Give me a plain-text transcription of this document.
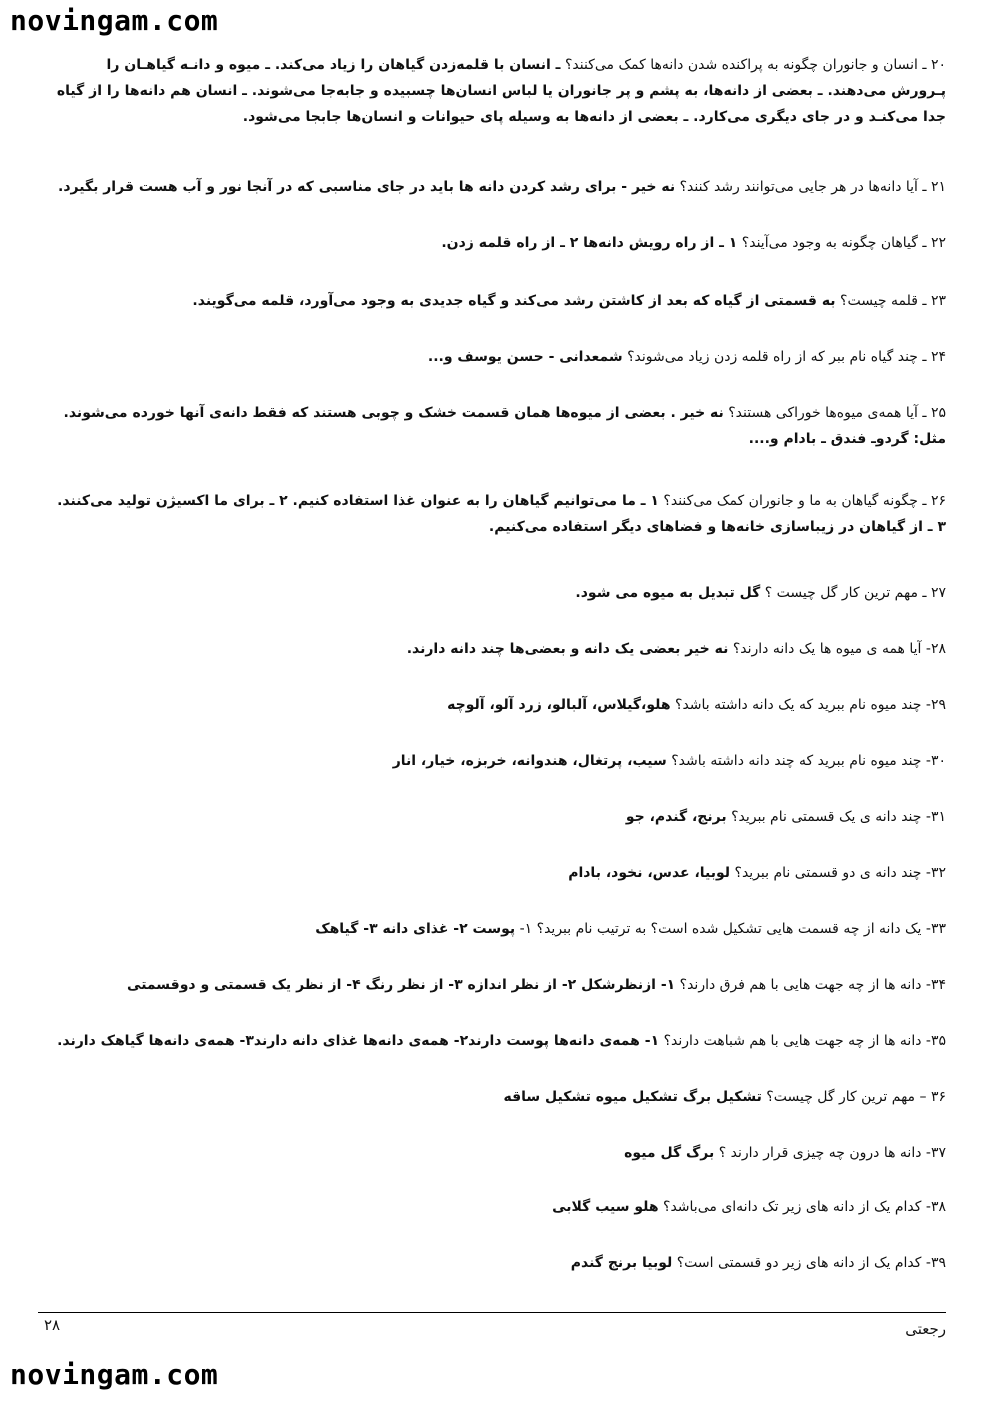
novingam.com

۲۰ ـ انسان و جانوران چگونه به پراکنده شدن دانه‌ها کمک می‌کنند؟ ـ انسان با قلمه‌زدن گیاهان را زیاد می‌کند. ـ میوه و دانـه گیاهـان را پـرورش می‌دهند. ـ بعضی از دانه‌ها، به پشم و پر جانوران یا لباس انسان‌ها چسبیده و جابه‌جا می‌شوند. ـ انسان هم دانه‌ها را از گیاه جدا می‌کنـد و در جای دیگری می‌کارد. ـ بعضی از دانه‌ها به وسیله پای حیوانات و انسان‌ها جابجا می‌شود.

۲۱ ـ آیا دانه‌ها در هر جایی می‌توانند رشد کنند؟ نه خیر - برای رشد کردن دانه ها باید در جای مناسبی که در آنجا نور و آب هست قرار بگیرد.

۲۲ ـ گیاهان چگونه به وجود می‌آیند؟ ۱ ـ از راه رویش دانه‌ها ۲ ـ از راه قلمه زدن.

۲۳ ـ قلمه چیست؟ به قسمتی از گیاه که بعد از کاشتن رشد می‌کند و گیاه جدیدی به وجود می‌آورد، قلمه می‌گویند.

۲۴ ـ چند گیاه نام ببر که از راه قلمه زدن زیاد می‌شوند؟ شمعدانی - حسن یوسف و...

۲۵ ـ آیا همه‌ی میوه‌ها خوراکی هستند؟ نه خیر . بعضی از میوه‌ها همان قسمت خشک و چوبی هستند که فقط دانه‌ی آنها خورده می‌شوند. مثل: گردو‌ـ فندق ـ بادام و....

۲۶ ـ چگونه گیاهان به ما و جانوران کمک می‌کنند؟ ۱ ـ ما می‌توانیم گیاهان را به عنوان غذا استفاده کنیم. ۲ ـ برای ما اکسیژن تولید می‌کنند. ۳ ـ از گیاهان در زیباسازی خانه‌ها و فضاهای دیگر استفاده می‌کنیم.

۲۷ ـ مهم ترین کار گل چیست ؟ گل تبدیل به میوه می شود.

۲۸- آیا همه ی میوه ها یک دانه دارند؟ نه خیر بعضی یک دانه و بعضی‌ها چند دانه دارند.

۲۹- چند میوه نام ببرید که یک دانه داشته باشد؟ هلو،گیلاس، آلبالو، زرد آلو، آلوچه

۳۰- چند میوه نام ببرید که چند دانه داشته باشد؟ سیب، پرتغال، هندوانه، خربزه، خیار، انار

۳۱- چند دانه ی یک قسمتی نام ببرید؟ برنج، گندم، جو

۳۲- چند دانه ی دو قسمتی نام ببرید؟ لوبیا، عدس، نخود، بادام

۳۳- یک دانه از چه قسمت هایی تشکیل شده است؟ به ترتیب نام ببرید؟ ۱- پوست ۲- غذای دانه ۳- گیاهک

۳۴- دانه ها از چه جهت هایی با هم فرق دارند؟ ۱- ازنظرشکل ۲- از نظر اندازه ۳- از نظر رنگ ۴- از نظر یک قسمتی و دوقسمتی

۳۵- دانه ها از چه جهت هایی با هم شباهت دارند؟ ۱- همه‌ی دانه‌ها پوست دارند۲- همه‌ی دانه‌ها غذای دانه دارند۳- همه‌ی دانه‌ها گیاهک دارند.

۳۶ – مهم ترین کار گل چیست؟ تشکیل برگ تشکیل میوه تشکیل ساقه

۳۷- دانه ها درون چه چیزی قرار دارند ؟ برگ گل میوه

۳۸- کدام یک از دانه های زیر تک دانه‌ای می‌باشد؟ هلو سیب گلابی

۳۹- کدام یک از دانه های زیر دو قسمتی است؟ لوبیا برنج گندم

۲۸	رجعتی
novingam.com
